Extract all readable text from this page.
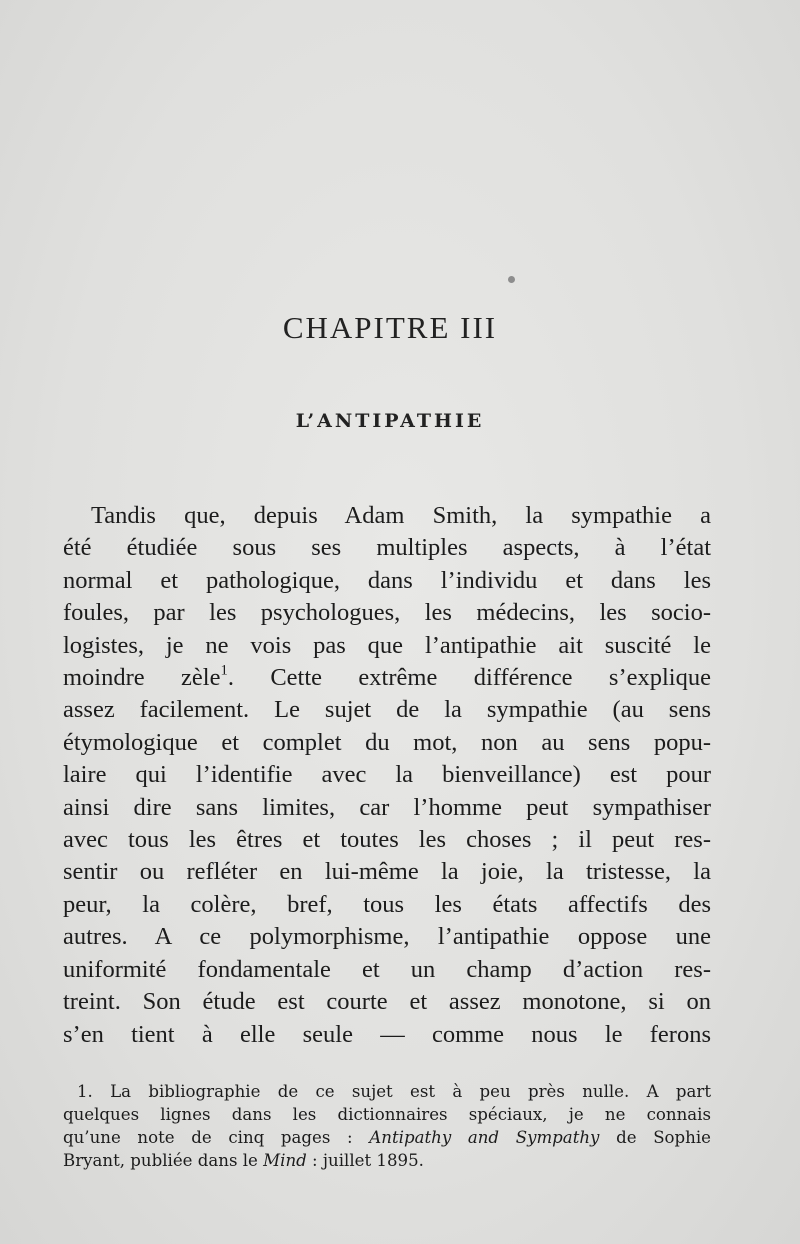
CHAPITRE III
L’ANTIPATHIE
Tandis que, depuis Adam Smith, la sympathie a
été étudiée sous ses multiples aspects, à l’état
normal et pathologique, dans l’individu et dans les
foules, par les psychologues, les médecins, les socio-
logistes, je ne vois pas que l’antipathie ait suscité le
moindre zèle$^1$. Cette extrême différence s’explique
assez facilement. Le sujet de la sympathie (au sens
étymologique et complet du mot, non au sens popu-
laire qui l’identifie avec la bienveillance) est pour
ainsi dire sans limites, car l’homme peut sympathiser
avec tous les êtres et toutes les choses ; il peut res-
sentir ou refléter en lui-même la joie, la tristesse, la
peur, la colère, bref, tous les états affectifs des
autres. A ce polymorphisme, l’antipathie oppose une
uniformité fondamentale et un champ d’action res-
treint. Son étude est courte et assez monotone, si on
s’en tient à elle seule — comme nous le ferons
1. La bibliographie de ce sujet est à peu près nulle. A part
quelques lignes dans les dictionnaires spéciaux, je ne connais
qu’une note de cinq pages : Antipathy and Sympathy de Sophie
Bryant, publiée dans le Mind : juillet 1895.
